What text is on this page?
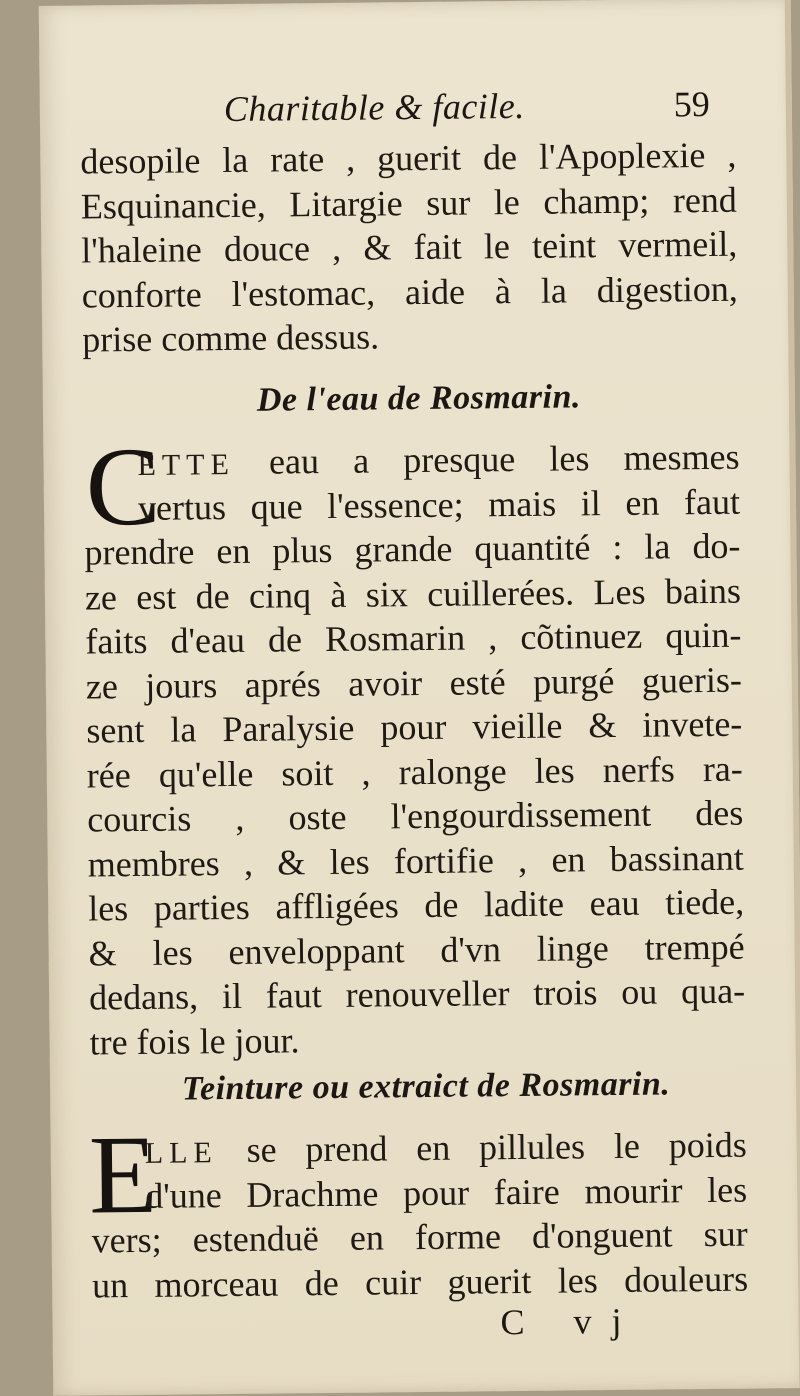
Charitable & facile.	59
desopile la rate , guerit de l'Apoplexie ,
Esquinancie, Litargie sur le champ; rend
l'haleine douce , & fait le teint vermeil,
conforte l'estomac, aide à la digestion,
prise comme dessus.
De l'eau de Rosmarin.
C
ETTE eau a presque les mesmes
vertus que l'essence; mais il en faut
prendre en plus grande quantité : la do-
ze est de cinq à six cuillerées. Les bains
faits d'eau de Rosmarin , cõtinuez quin-
ze jours aprés avoir esté purgé gueris-
sent la Paralysie pour vieille & invete-
rée qu'elle soit , ralonge les nerfs ra-
courcis , oste l'engourdissement des
membres , & les fortifie , en bassinant
les parties affligées de ladite eau tiede,
& les enveloppant d'vn linge trempé
dedans, il faut renouveller trois ou qua-
tre fois le jour.
Teinture ou extraict de Rosmarin.
E
LLE se prend en pillules le poids
d'une Drachme pour faire mourir les
vers; estenduë en forme d'onguent sur
un morceau de cuir guerit les douleurs
C vj
